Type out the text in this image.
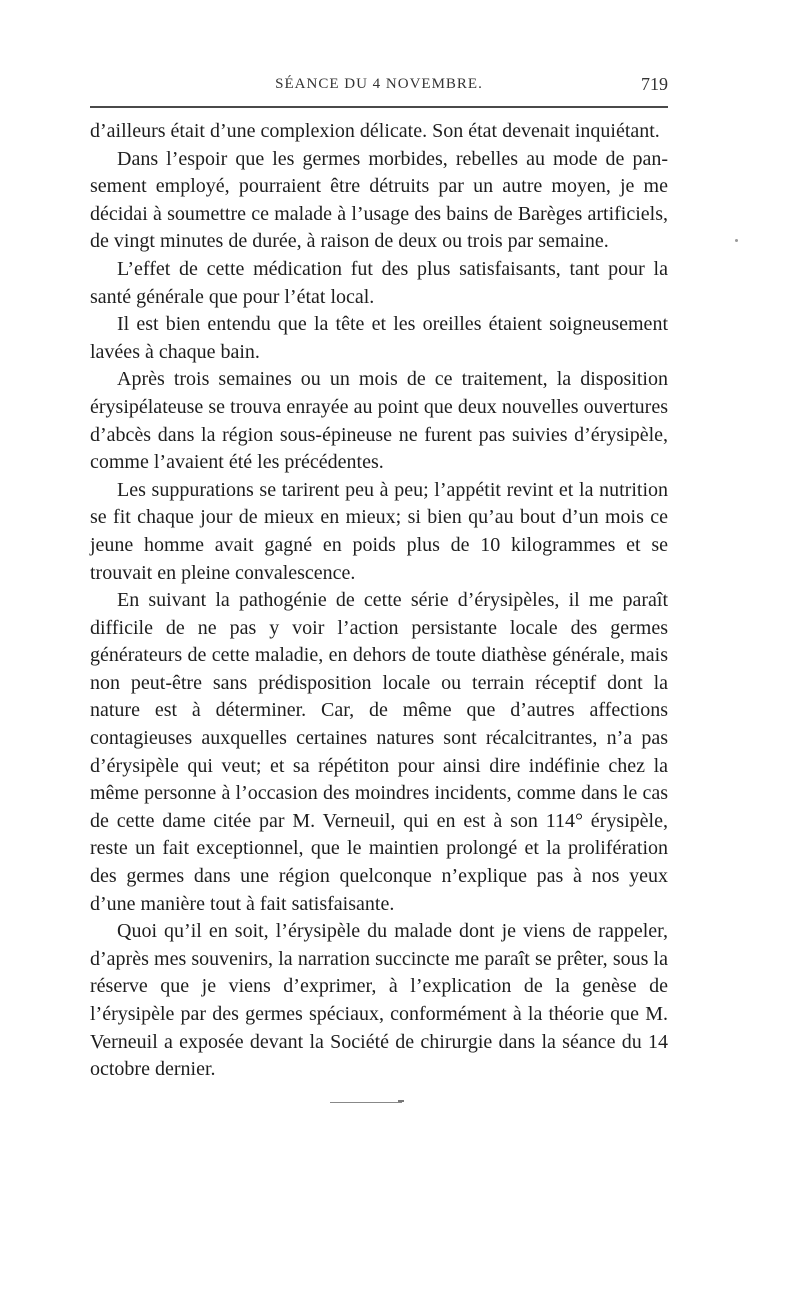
SÉANCE DU 4 NOVEMBRE.	719

d’ailleurs était d’une complexion délicate. Son état devenait inquiétant.

Dans l’espoir que les germes morbides, rebelles au mode de pansement employé, pourraient être détruits par un autre moyen, je me décidai à soumettre ce malade à l’usage des bains de Barèges artificiels, de vingt minutes de durée, à raison de deux ou trois par semaine.

L’effet de cette médication fut des plus satisfaisants, tant pour la santé générale que pour l’état local.

Il est bien entendu que la tête et les oreilles étaient soigneusement lavées à chaque bain.

Après trois semaines ou un mois de ce traitement, la disposition érysipélateuse se trouva enrayée au point que deux nouvelles ouvertures d’abcès dans la région sous-épineuse ne furent pas suivies d’érysipèle, comme l’avaient été les précédentes.

Les suppurations se tarirent peu à peu; l’appétit revint et la nutrition se fit chaque jour de mieux en mieux; si bien qu’au bout d’un mois ce jeune homme avait gagné en poids plus de 10 kilogrammes et se trouvait en pleine convalescence.

En suivant la pathogénie de cette série d’érysipèles, il me paraît difficile de ne pas y voir l’action persistante locale des germes générateurs de cette maladie, en dehors de toute diathèse générale, mais non peut-être sans prédisposition locale ou terrain réceptif dont la nature est à déterminer. Car, de même que d’autres affections contagieuses auxquelles certaines natures sont récalcitrantes, n’a pas d’érysipèle qui veut; et sa répétiton pour ainsi dire indéfinie chez la même personne à l’occasion des moindres incidents, comme dans le cas de cette dame citée par M. Verneuil, qui en est à son 114° érysipèle, reste un fait exceptionnel, que le maintien prolongé et la prolifération des germes dans une région quelconque n’explique pas à nos yeux d’une manière tout à fait satisfaisante.

Quoi qu’il en soit, l’érysipèle du malade dont je viens de rappeler, d’après mes souvenirs, la narration succincte me paraît se prêter, sous la réserve que je viens d’exprimer, à l’explication de la genèse de l’érysipèle par des germes spéciaux, conformément à la théorie que M. Verneuil a exposée devant la Société de chirurgie dans la séance du 14 octobre dernier.
